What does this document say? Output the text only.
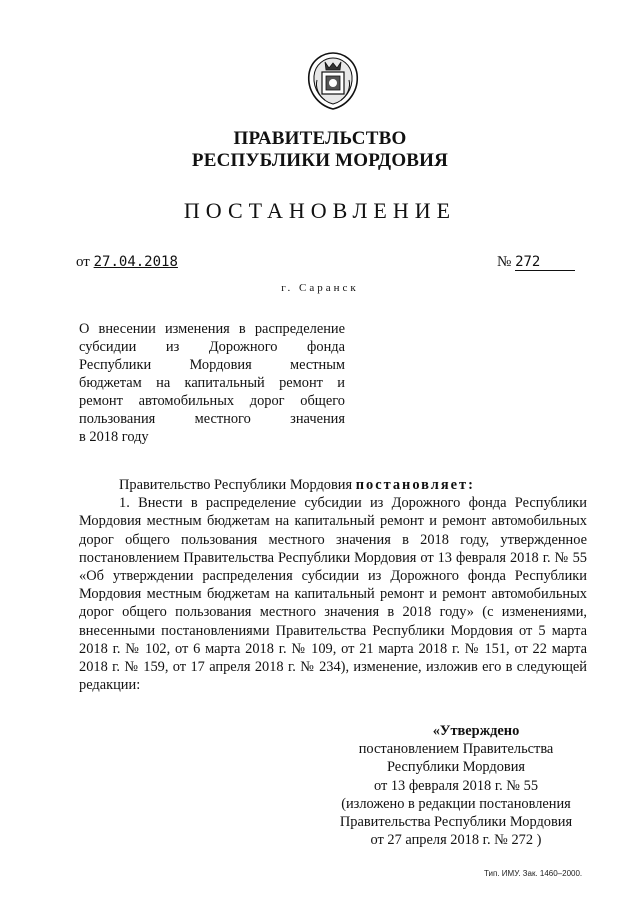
ПРАВИТЕЛЬСТВО
РЕСПУБЛИКИ МОРДОВИЯ
ПОСТАНОВЛЕНИЕ
от 27.04.2018	№ 272
г. Саранск
О внесении изменения в распределение
субсидии из Дорожного фонда
Республики Мордовия местным
бюджетам на капитальный ремонт и
ремонт автомобильных дорог общего
пользования местного значения
в 2018 году

Правительство Республики Мордовия постановляет:

1. Внести в распределение субсидии из Дорожного фонда Республики Мордовия местным бюджетам на капитальный ремонт и ремонт автомобильных дорог общего пользования местного значения в 2018 году, утвержденное постановлением Правительства Республики Мордовия от 13 февраля 2018 г. № 55 «Об утверждении распределения субсидии из Дорожного фонда Республики Мордовия местным бюджетам на капитальный ремонт и ремонт автомобильных дорог общего пользования местного значения в 2018 году» (с изменениями, внесенными постановлениями Правительства Республики Мордовия от 5 марта 2018 г. № 102, от 6 марта 2018 г. № 109, от 21 марта 2018 г. № 151, от 22 марта 2018 г. № 159, от 17 апреля 2018 г. № 234), изменение, изложив его в следующей редакции:

«Утверждено
постановлением Правительства
Республики Мордовия
от 13 февраля 2018 г. № 55
(изложено в редакции постановления
Правительства Республики Мордовия
от 27 апреля 2018 г. № 272 )
Тип. ИМУ. Зак. 1460–2000.
